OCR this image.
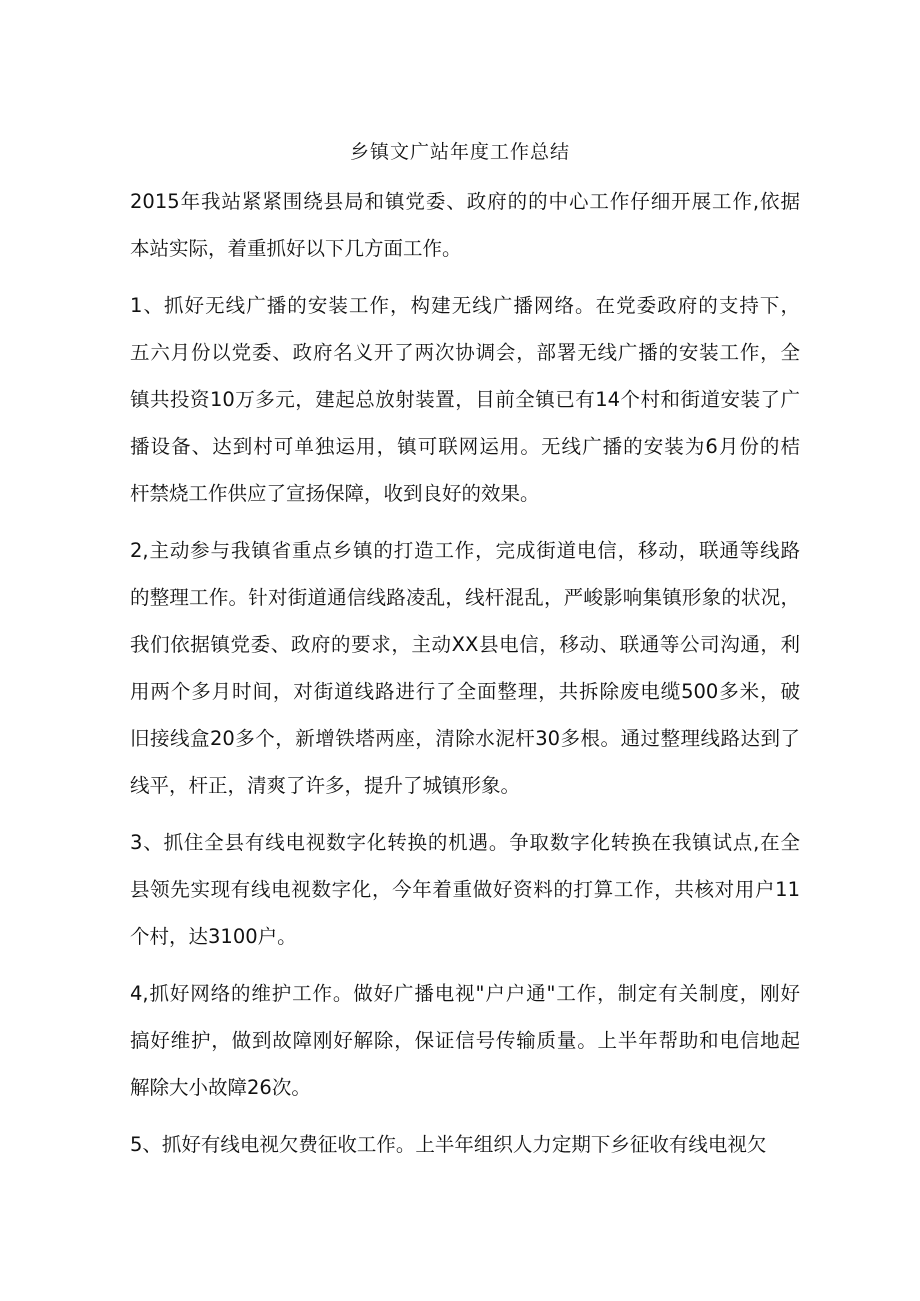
乡镇文广站年度工作总结
2015年我站紧紧围绕县局和镇党委、政府的的中心工作仔细开展工作,依据
本站实际，着重抓好以下几方面工作。
1、抓好无线广播的安装工作，构建无线广播网络。在党委政府的支持下，
五六月份以党委、政府名义开了两次协调会，部署无线广播的安装工作，全
镇共投资10万多元，建起总放射装置，目前全镇已有14个村和街道安装了广
播设备、达到村可单独运用，镇可联网运用。无线广播的安装为6月份的桔
杆禁烧工作供应了宣扬保障，收到良好的效果。
2,主动参与我镇省重点乡镇的打造工作，完成街道电信，移动，联通等线路
的整理工作。针对街道通信线路凌乱，线杆混乱，严峻影响集镇形象的状况，
我们依据镇党委、政府的要求，主动XX县电信，移动、联通等公司沟通，利
用两个多月时间，对街道线路进行了全面整理，共拆除废电缆500多米，破
旧接线盒20多个，新增铁塔两座，清除水泥杆30多根。通过整理线路达到了
线平，杆正，清爽了许多，提升了城镇形象。
3、抓住全县有线电视数字化转换的机遇。争取数字化转换在我镇试点,在全
县领先实现有线电视数字化，今年着重做好资料的打算工作，共核对用户11
个村，达3100户。
4,抓好网络的维护工作。做好广播电视"户户通"工作，制定有关制度，刚好
搞好维护，做到故障刚好解除，保证信号传输质量。上半年帮助和电信地起
解除大小故障26次。
5、抓好有线电视欠费征收工作。上半年组织人力定期下乡征收有线电视欠
